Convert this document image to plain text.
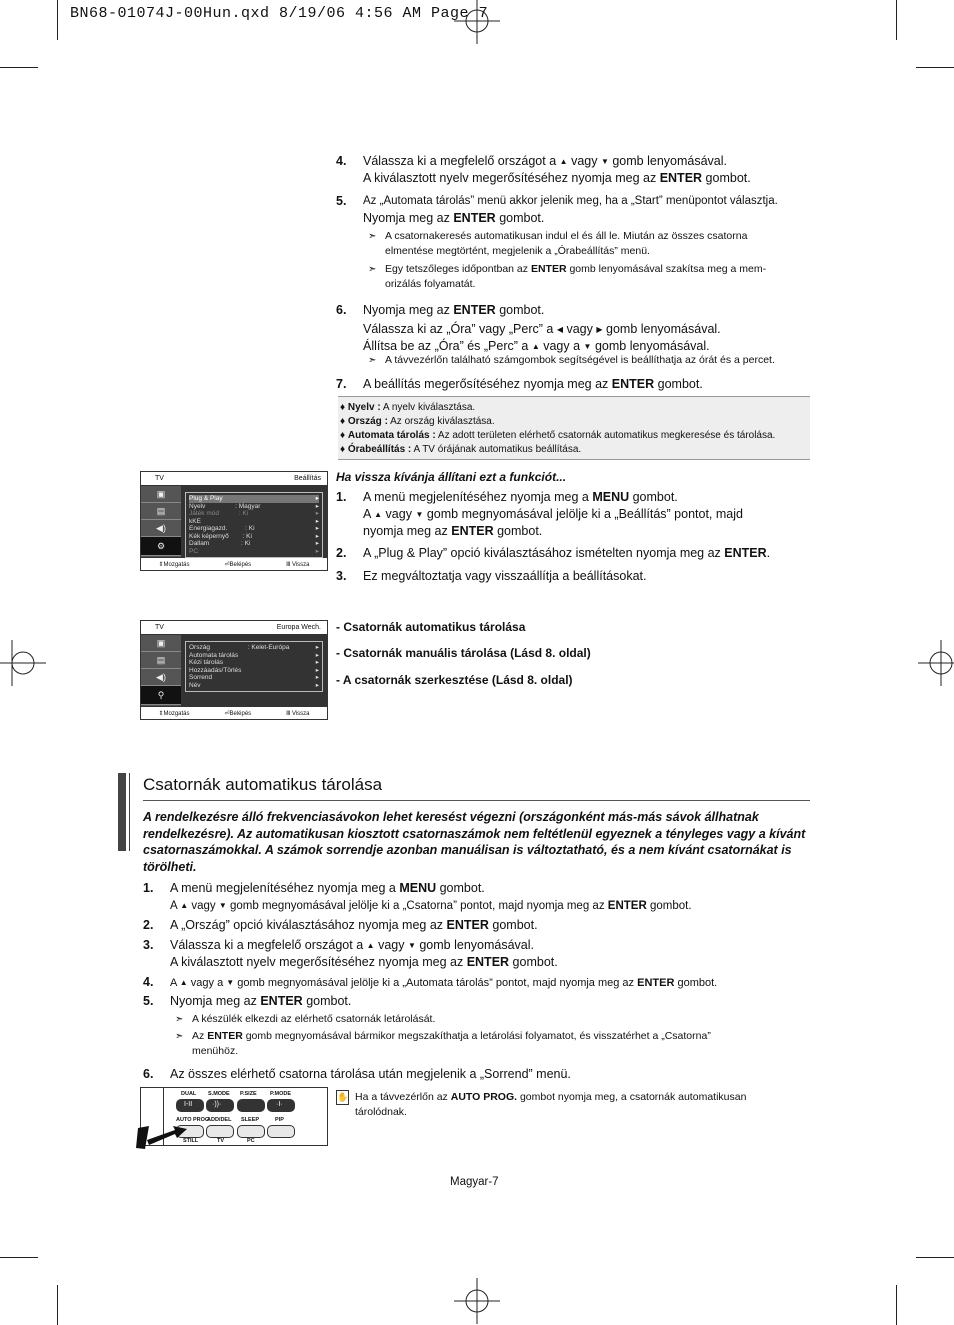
BN68-01074J-00Hun.qxd 8/19/06 4:56 AM Page 7
4. Válassza ki a megfelelő országot a ▲ vagy ▼ gomb lenyomásával.
A kiválasztott nyelv megerősítéséhez nyomja meg az ENTER gombot.
5. Az „Automata tárolás” menü akkor jelenik meg, ha a „Start” menüpontot választja.
Nyomja meg az ENTER gombot.
➣ A csatornakeresés automatikusan indul el és áll le. Miután az összes csatorna
elmentése megtörtént, megjelenik a „Órabeállítás” menü.
➣ Egy tetszőleges időpontban az ENTER gomb lenyomásával szakítsa meg a mem-
orizálás folyamatát.
6. Nyomja meg az ENTER gombot.
Válassza ki az „Óra” vagy „Perc” a ◀ vagy ▶ gomb lenyomásával.
Állítsa be az „Óra” és „Perc” a ▲ vagy a ▼ gomb lenyomásával.
➣ A távvezérlőn található számgombok segítségével is beállíthatja az órát és a percet.
7. A beállítás megerősítéséhez nyomja meg az ENTER gombot.
♦ Nyelv : A nyelv kiválasztása.
♦ Ország : Az ország kiválasztása.
♦ Automata tárolás : Az adott területen elérhető csatornák automatikus megkeresése és tárolása.
♦ Órabeállítás : A TV órájának automatikus beállítása.
TV	Beállítás
▣
▤
◀)
⚙
Plug & Play	▸
Nyelv	: Magyar	▸
Játék mód	: Ki	▸
kKE	▸
Energiagazd.	: Ki	▸
Kék képernyő : Ki	▸
Dallam	: Ki	▸
PC	▸
⇕Mozgatás	⏎Belépés	Ⅲ Vissza
Ha vissza kívánja állítani ezt a funkciót...
1. A menü megjelenítéséhez nyomja meg a MENU gombot.
A ▲ vagy ▼ gomb megnyomásával jelölje ki a „Beállítás” pontot, majd
nyomja meg az ENTER gombot.
2. A „Plug & Play” opció kiválasztásához ismételten nyomja meg az ENTER.
3. Ez megváltoztatja vagy visszaállítja a beállításokat.
TV	Europa Wech.
▣
▤
◀)
⚲
Ország	: Kelet-Európa	▸
Automata tárolás	▸
Kézi tárolás	▸
Hozzáadás/Törlés	▸
Sorrend	▸
Név	▸
⇕Mozgatás	⏎Belépés	Ⅲ Vissza
- Csatornák automatikus tárolása
- Csatornák manuális tárolása (Lásd 8. oldal)
- A csatornák szerkesztése (Lásd 8. oldal)
Csatornák automatikus tárolása
A rendelkezésre álló frekvenciasávokon lehet keresést végezni (országonként más-más sávok állhatnak rendelkezésre). Az automatikusan kiosztott csatornaszámok nem feltétlenül egyeznek a tényleges vagy a kívánt csatornaszámokkal. A számok sorrendje azonban manuálisan is változtatható, és a nem kívánt csatornákat is törölheti.
1. A menü megjelenítéséhez nyomja meg a MENU gombot.
A ▲ vagy ▼ gomb megnyomásával jelölje ki a „Csatorna” pontot, majd nyomja meg az ENTER gombot.
2. A „Ország” opció kiválasztásához nyomja meg az ENTER gombot.
3. Válassza ki a megfelelő országot a ▲ vagy ▼ gomb lenyomásával.
A kiválasztott nyelv megerősítéséhez nyomja meg az ENTER gombot.
4. A ▲ vagy a ▼ gomb megnyomásával jelölje ki a „Automata tárolás” pontot, majd nyomja meg az ENTER gombot.
5. Nyomja meg az ENTER gombot.
➣ A készülék elkezdi az elérhető csatornák letárolását.
➣ Az ENTER gomb megnyomásával bármikor megszakíthatja a letárolási folyamatot, és visszatérhet a „Csatorna”
menühöz.
6. Az összes elérhető csatorna tárolása után megjelenik a „Sorrend” menü.
DUAL S.MODE P.SIZE P.MODE
I-II	·))·	·I·
AUTO PROG.
ADD/DEL SLEEP	PIP
STILL	TV	PC
✋ Ha a távvezérlőn az AUTO PROG. gombot nyomja meg, a csatornák automatikusan
tárolódnak.
Magyar-7
